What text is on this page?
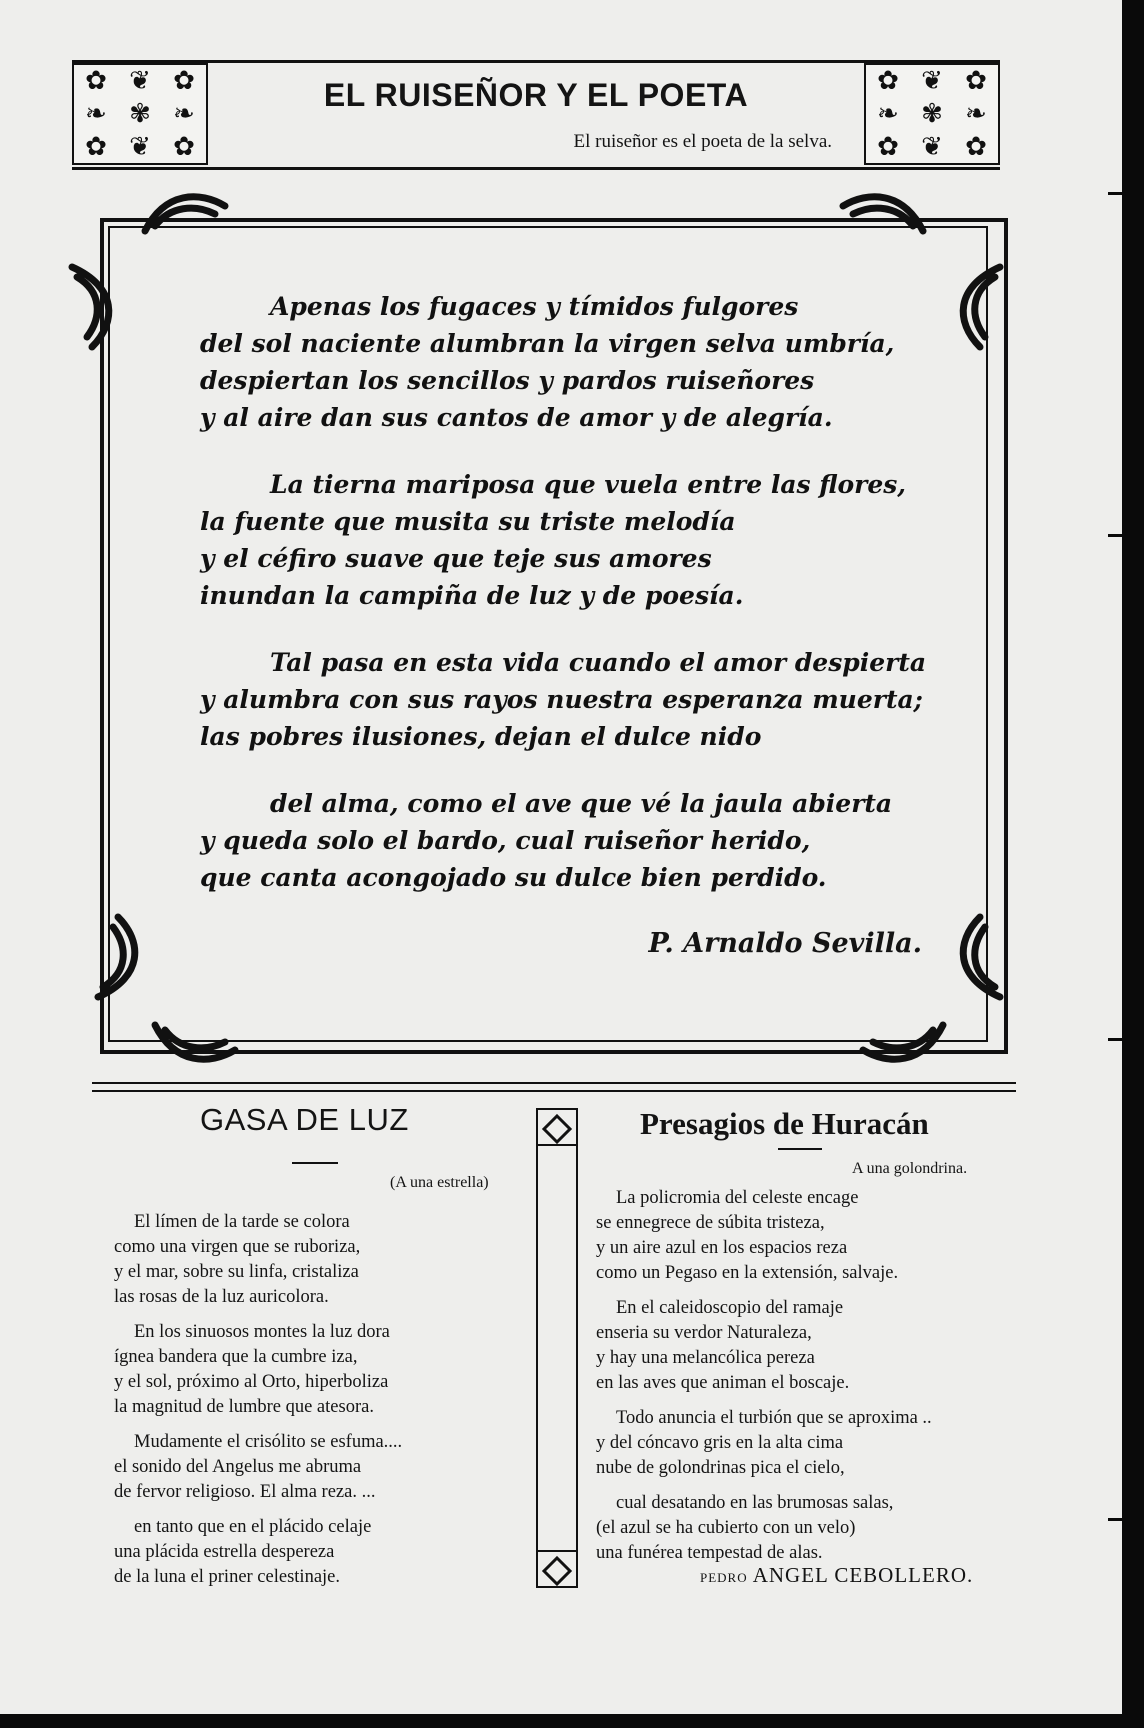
✿ ❦ ✿
❧ ✾ ❧
✿ ❦ ✿
EL RUISEÑOR Y EL POETA
El ruiseñor es el poeta de la selva.
✿ ❦ ✿
❧ ✾ ❧
✿ ❦ ✿
Apenas los fugaces y tímidos fulgores
del sol naciente alumbran la virgen selva umbría,
despiertan los sencillos y pardos ruiseñores
y al aire dan sus cantos de amor y de alegría.
La tierna mariposa que vuela entre las flores,
la fuente que musita su triste melodía
y el céfiro suave que teje sus amores
inundan la campiña de luz y de poesía.
Tal pasa en esta vida cuando el amor despierta
y alumbra con sus rayos nuestra esperanza muerta;
las pobres ilusiones, dejan el dulce nido
del alma, como el ave que vé la jaula abierta
y queda solo el bardo, cual ruiseñor herido,
que canta acongojado su dulce bien perdido.
P. Arnaldo Sevilla.
GASA DE LUZ
(A una estrella)
El límen de la tarde se colora
como una virgen que se ruboriza,
y el mar, sobre su linfa, cristaliza
las rosas de la luz auricolora.
En los sinuosos montes la luz dora
ígnea bandera que la cumbre iza,
y el sol, próximo al Orto, hiperboliza
la magnitud de lumbre que atesora.
Mudamente el crisólito se esfuma....
el sonido del Angelus me abruma
de fervor religioso. El alma reza. ...
en tanto que en el plácido celaje
una plácida estrella desperezа
de la luna el priner celestinaje.
Presagios de Huracán
A una golondrina.
La policromia del celeste encage
se ennegrece de súbita tristeza,
y un aire azul en los espacios reza
como un Pegaso en la extensión, salvaje.
En el caleidoscopio del ramaje
enseria su verdor Naturaleza,
y hay una melancólica pereza
en las aves que animan el boscaje.
Todo anuncia el turbión que se aproxima ..
y del cóncavo gris en la alta cima
nube de golondrinas pica el cielo,
cual desatando en las brumosas salas,
(el azul se ha cubierto con un velo)
una funérea tempestad de alas.
PEDRO ANGEL CEBOLLERO.
